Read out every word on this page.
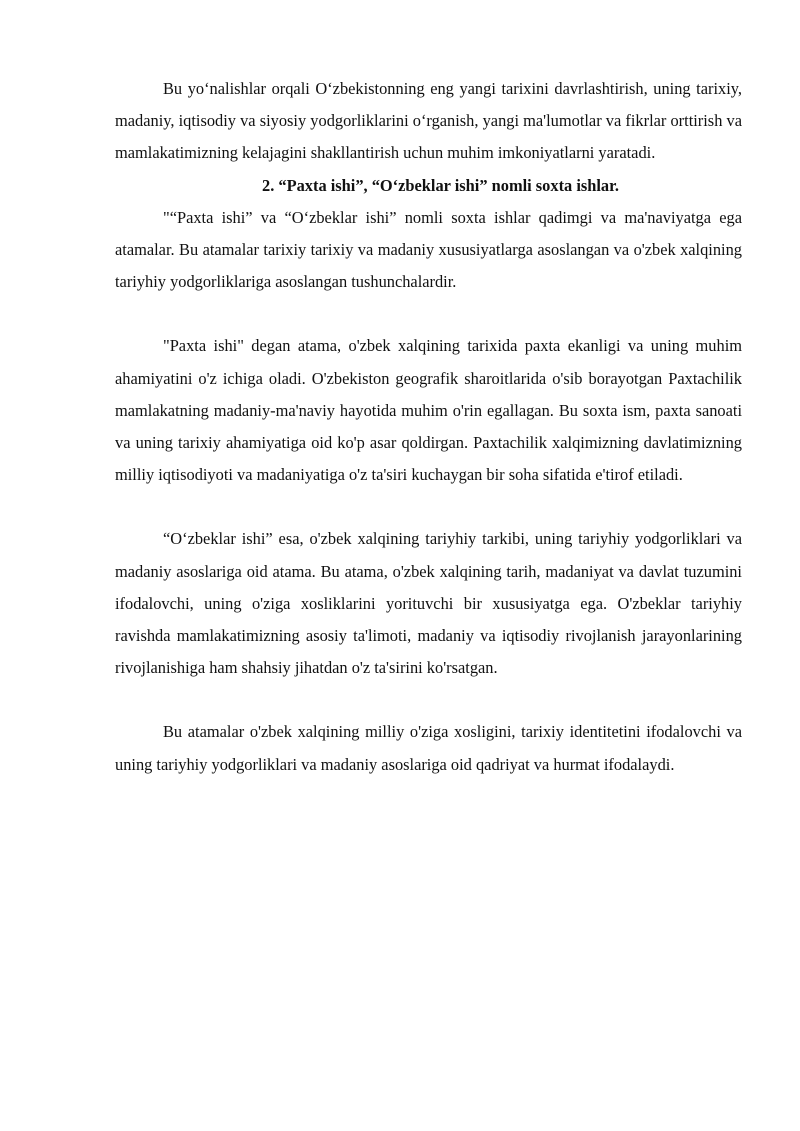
Bu yo‘nalishlar orqali O‘zbekistonning eng yangi tarixini davrlashtirish, uning tarixiy, madaniy, iqtisodiy va siyosiy yodgorliklarini o‘rganish, yangi ma'lumotlar va fikrlar orttirish va mamlakatimizning kelajagini shakllantirish uchun muhim imkoniyatlarni yaratadi.

2. “Paxta ishi”, “O‘zbeklar ishi” nomli soxta ishlar.

"“Paxta ishi” va “O‘zbeklar ishi” nomli soxta ishlar qadimgi va ma'naviyatga ega atamalar. Bu atamalar tarixiy tarixiy va madaniy xususiyatlarga asoslangan va o'zbek xalqining tariyhiy yodgorliklariga asoslangan tushunchalardir.

"Paxta ishi" degan atama, o'zbek xalqining tarixida paxta ekanligi va uning muhim ahamiyatini o'z ichiga oladi. O'zbekiston geografik sharoitlarida o'sib borayotgan Paxtachilik mamlakatning madaniy-ma'naviy hayotida muhim o'rin egallagan. Bu soxta ism, paxta sanoati va uning tarixiy ahamiyatiga oid ko'p asar qoldirgan. Paxtachilik xalqimizning davlatimizning milliy iqtisodiyoti va madaniyatiga o'z ta'siri kuchaygan bir soha sifatida e'tirof etiladi.

“O‘zbeklar ishi” esa, o'zbek xalqining tariyhiy tarkibi, uning tariyhiy yodgorliklari va madaniy asoslariga oid atama. Bu atama, o'zbek xalqining tarih, madaniyat va davlat tuzumini ifodalovchi, uning o'ziga xosliklarini yorituvchi bir xususiyatga ega. O'zbeklar tariyhiy ravishda mamlakatimizning asosiy ta'limoti, madaniy va iqtisodiy rivojlanish jarayonlarining rivojlanishiga ham shahsiy jihatdan o'z ta'sirini ko'rsatgan.

Bu atamalar o'zbek xalqining milliy o'ziga xosligini, tarixiy identitetini ifodalovchi va uning tariyhiy yodgorliklari va madaniy asoslariga oid qadriyat va hurmat ifodalaydi.
